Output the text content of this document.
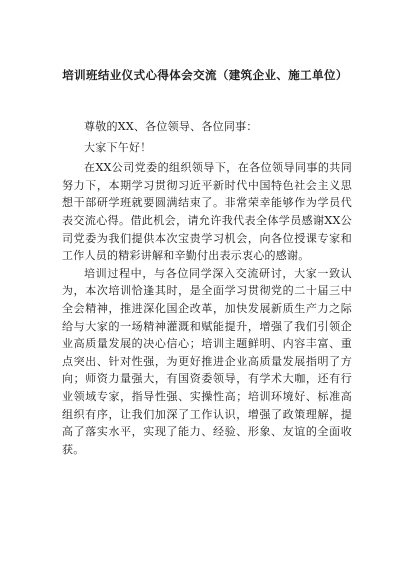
培训班结业仪式心得体会交流（建筑企业、施工单位）

尊敬的XX、各位领导、各位同事：

大家下午好！

在XX公司党委的组织领导下，在各位领导同事的共同努力下，本期学习贯彻习近平新时代中国特色社会主义思想干部研学班就要圆满结束了。非常荣幸能够作为学员代表交流心得。借此机会，请允许我代表全体学员感谢XX公司党委为我们提供本次宝贵学习机会，向各位授课专家和工作人员的精彩讲解和辛勤付出表示衷心的感谢。

培训过程中，与各位同学深入交流研讨，大家一致认为，本次培训恰逢其时，是全面学习贯彻党的二十届三中全会精神，推进深化国企改革，加快发展新质生产力之际给与大家的一场精神灌溉和赋能提升，增强了我们引领企业高质量发展的决心信心；培训主题鲜明、内容丰富、重点突出、针对性强，为更好推进企业高质量发展指明了方向；师资力量强大，有国资委领导，有学术大咖，还有行业领域专家，指导性强、实操性高；培训环境好、标准高组织有序，让我们加深了工作认识，增强了政策理解，提高了落实水平，实现了能力、经验、形象、友谊的全面收获。
